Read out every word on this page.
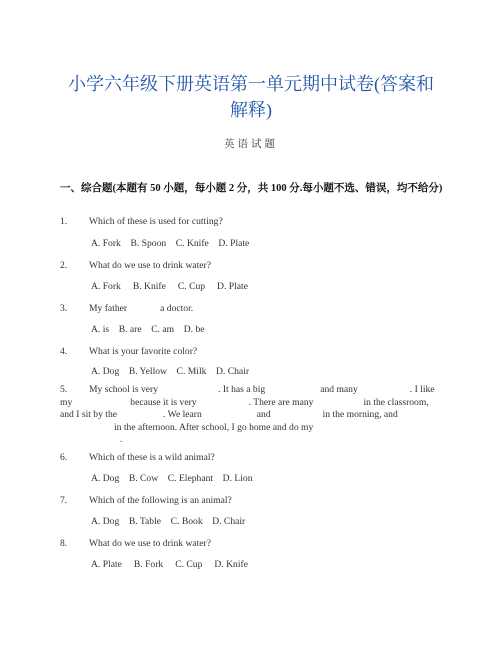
小学六年级下册英语第一单元期中试卷(答案和解释)
英语试题
一、综合题(本题有 50 小题，每小题 2 分，共 100 分.每小题不选、错误，均不给分)
1. Which of these is used for cutting?
A. Fork    B. Spoon    C. Knife    D. Plate
2. What do we use to drink water?
A. Fork     B. Knife     C. Cup     D. Plate
3. My father	a doctor.
A. is    B. are    C. am    D. be
4. What is your favorite color?
A. Dog    B. Yellow    C. Milk    D. Chair
5. My school is very	. It has a big	and many	. I like my	because it is very	. There are many	in the classroom, and I sit by the	. We learn	and	in the morning, andin the afternoon. After school, I go home and do my
.
6. Which of these is a wild animal?
A. Dog    B. Cow    C. Elephant    D. Lion
7. Which of the following is an animal?
A. Dog    B. Table    C. Book    D. Chair
8. What do we use to drink water?
A. Plate     B. Fork     C. Cup     D. Knife
